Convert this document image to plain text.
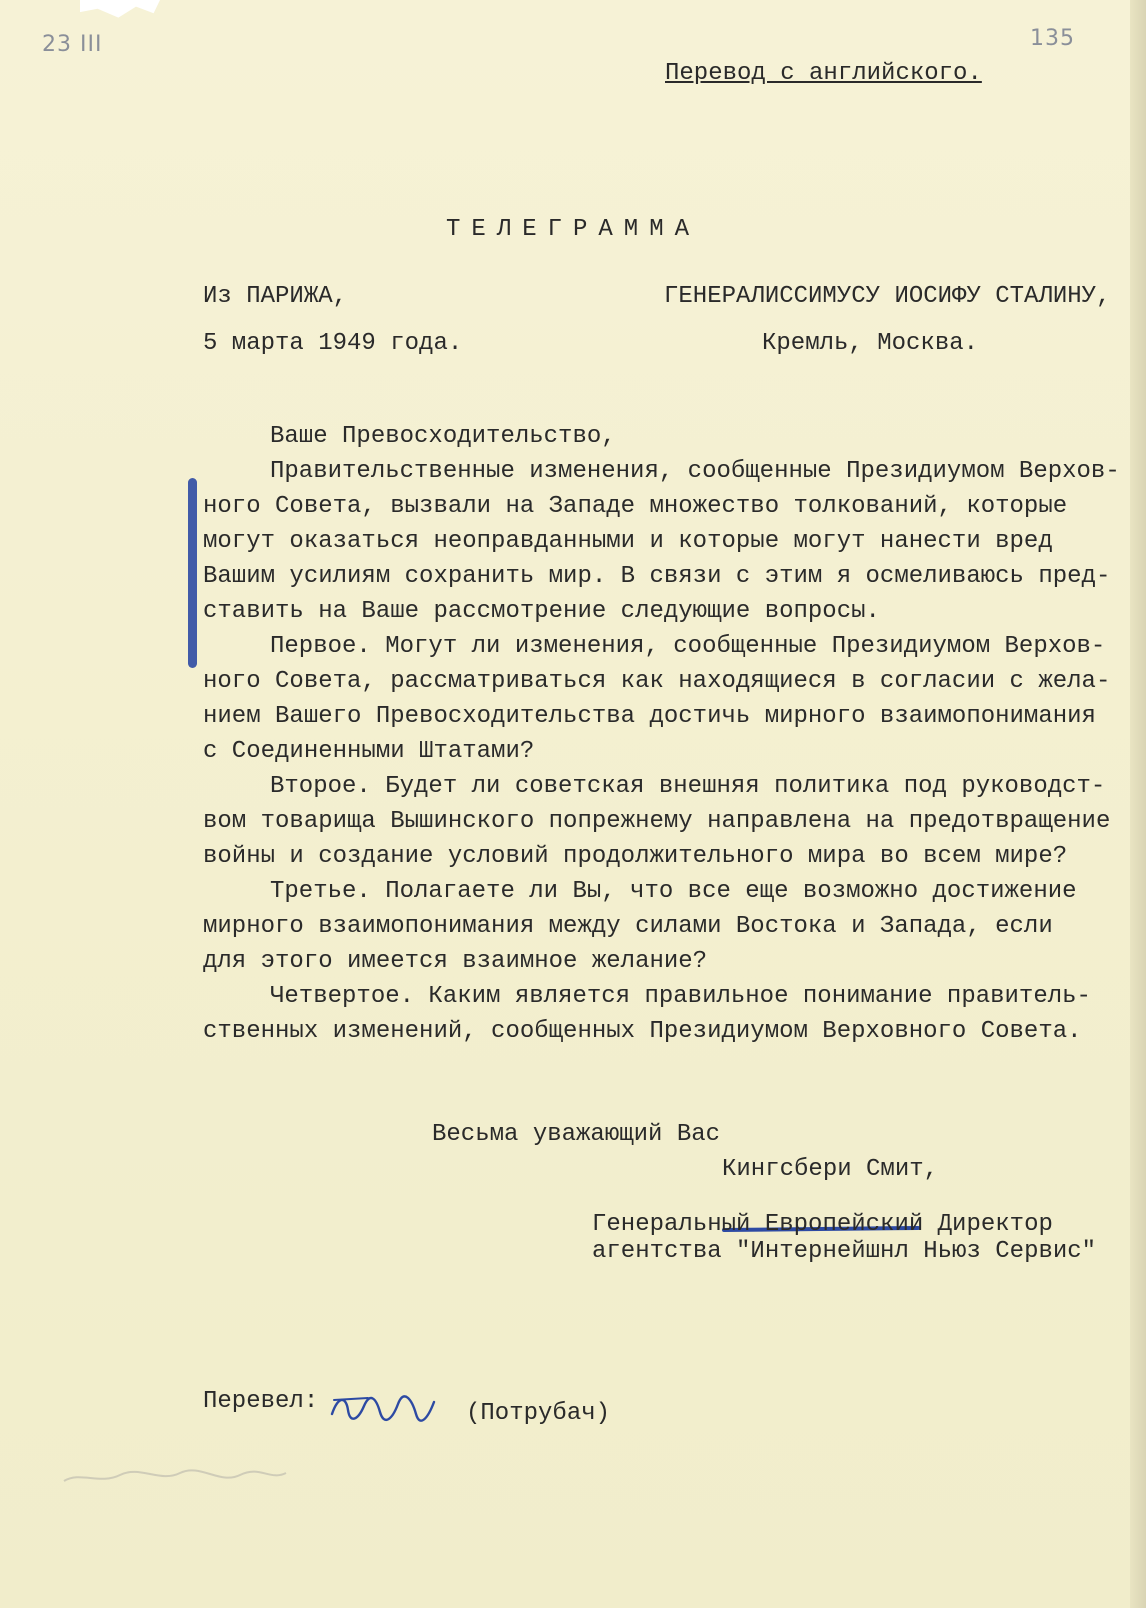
23 III	135
Перевод с английского.
ТЕЛЕГРАММА
Из ПАРИЖА,
5 марта 1949 года.
ГЕНЕРАЛИССИМУСУ ИОСИФУ СТАЛИНУ,
Кремль, Москва.
Ваше Превосходительство,
Правительственные изменения, сообщенные Президиумом Верхов-
ного Совета, вызвали на Западе множество толкований, которые
могут оказаться неоправданными и которые могут нанести вред
Вашим усилиям сохранить мир. В связи с этим я осмеливаюсь пред-
ставить на Ваше рассмотрение следующие вопросы.
Первое. Могут ли изменения, сообщенные Президиумом Верхов-
ного Совета, рассматриваться как находящиеся в согласии с жела-
нием Вашего Превосходительства достичь мирного взаимопонимания
с Соединенными Штатами?
Второе. Будет ли советская внешняя политика под руководст-
вом товарища Вышинского попрежнему направлена на предотвращение
войны и создание условий продолжительного мира во всем мире?
Третье. Полагаете ли Вы, что все еще возможно достижение
мирного взаимопонимания между силами Востока и Запада, если
для этого имеется взаимное желание?
Четвертое. Каким является правильное понимание правитель-
ственных изменений, сообщенных Президиумом Верховного Совета.
Весьма уважающий Вас
Кингсбери Смит,
Генеральный Европейский Директор
агентства "Интернейшнл Ньюз Сервис"
Перевел:	(Потрубач)
